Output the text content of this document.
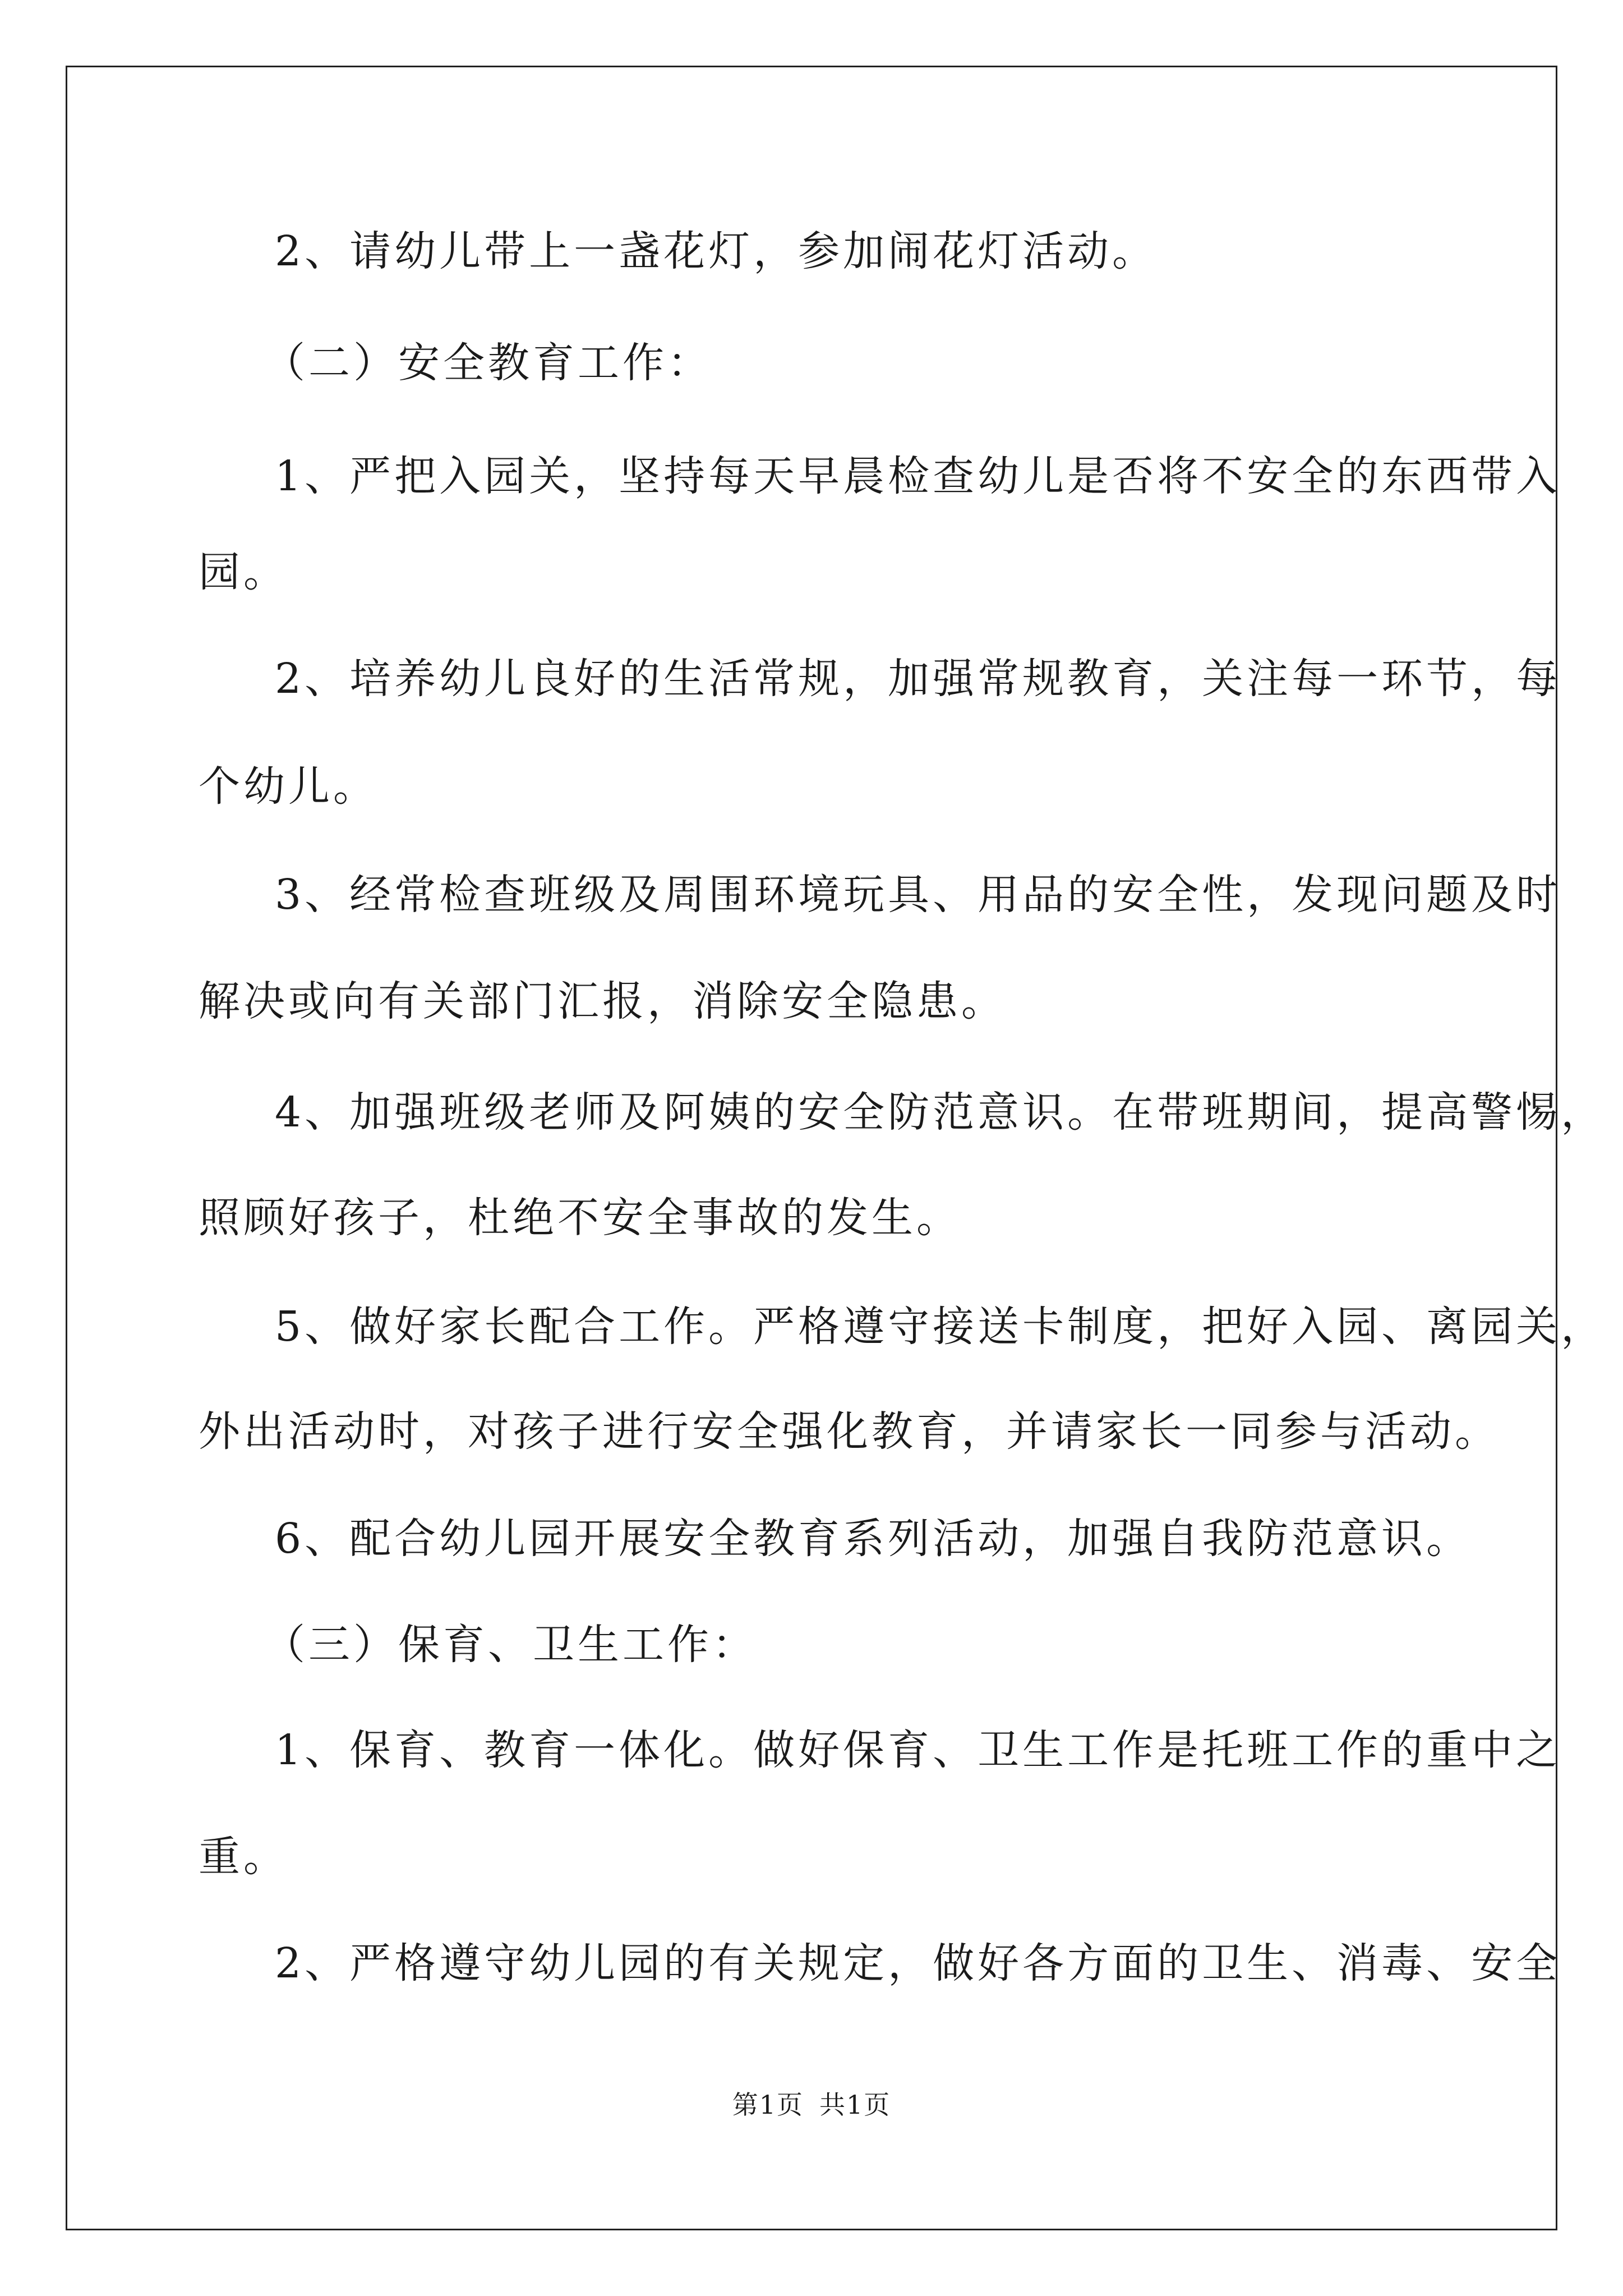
2、请幼儿带上一盏花灯，参加闹花灯活动。
（二）安全教育工作：
1、严把入园关，坚持每天早晨检查幼儿是否将不安全的东西带入
园。
2、培养幼儿良好的生活常规，加强常规教育，关注每一环节，每
个幼儿。
3、经常检查班级及周围环境玩具、用品的安全性，发现问题及时
解决或向有关部门汇报，消除安全隐患。
4、加强班级老师及阿姨的安全防范意识。在带班期间，提高警惕，
照顾好孩子，杜绝不安全事故的发生。
5、做好家长配合工作。严格遵守接送卡制度，把好入园、离园关，
外出活动时，对孩子进行安全强化教育，并请家长一同参与活动。
6、配合幼儿园开展安全教育系列活动，加强自我防范意识。
（三）保育、卫生工作：
1、保育、教育一体化。做好保育、卫生工作是托班工作的重中之
重。
2、严格遵守幼儿园的有关规定，做好各方面的卫生、消毒、安全
第1页 共1页
